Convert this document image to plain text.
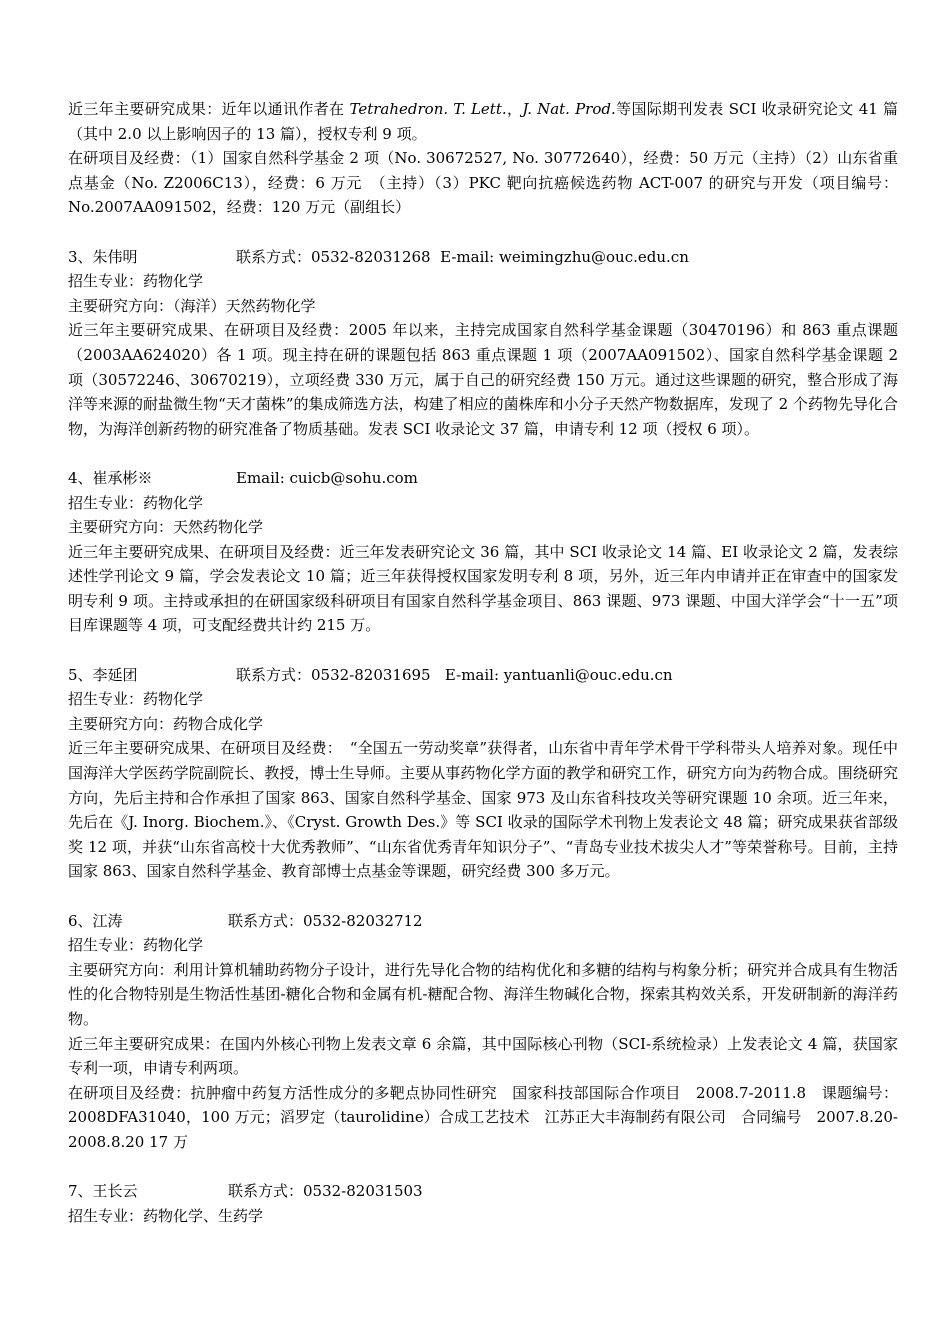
近三年主要研究成果：近年以通讯作者在 Tetrahedron. T. Lett.，J. Nat. Prod.等国际期刊发表 SCI 收录研究论文 41 篇（其中 2.0 以上影响因子的 13 篇），授权专利 9 项。

在研项目及经费：（1）国家自然科学基金 2 项（No. 30672527, No. 30772640），经费：50 万元（主持）（2）山东省重点基金（No. Z2006C13），经费：6 万元　（主持）（3）PKC 靶向抗癌候选药物 ACT-007 的研究与开发（项目编号：No.2007AA091502，经费：120 万元（副组长）

3、朱伟明	联系方式：0532-82031268  E-mail: weimingzhu@ouc.edu.cn

招生专业：药物化学

主要研究方向：（海洋）天然药物化学

近三年主要研究成果、在研项目及经费：2005 年以来，主持完成国家自然科学基金课题（30470196）和 863 重点课题（2003AA624020）各 1 项。现主持在研的课题包括 863 重点课题 1 项（2007AA091502）、国家自然科学基金课题 2 项（30572246、30670219），立项经费 330 万元，属于自己的研究经费 150 万元。通过这些课题的研究，整合形成了海洋等来源的耐盐微生物“天才菌株”的集成筛选方法，构建了相应的菌株库和小分子天然产物数据库，发现了 2 个药物先导化合物，为海洋创新药物的研究准备了物质基础。发表 SCI 收录论文 37 篇，申请专利 12 项（授权 6 项）。

4、崔承彬※	Email: cuicb@sohu.com

招生专业：药物化学

主要研究方向：天然药物化学

近三年主要研究成果、在研项目及经费：近三年发表研究论文 36 篇，其中 SCI 收录论文 14 篇、EI 收录论文 2 篇，发表综述性学刊论文 9 篇，学会发表论文 10 篇；近三年获得授权国家发明专利 8 项，另外，近三年内申请并正在审查中的国家发明专利 9 项。主持或承担的在研国家级科研项目有国家自然科学基金项目、863 课题、973 课题、中国大洋学会“十一五”项目库课题等 4 项，可支配经费共计约 215 万。

5、李延团	联系方式：0532-82031695   E-mail: yantuanli@ouc.edu.cn

招生专业：药物化学

主要研究方向：药物合成化学

近三年主要研究成果、在研项目及经费：　“全国五一劳动奖章”获得者，山东省中青年学术骨干学科带头人培养对象。现任中国海洋大学医药学院副院长、教授，博士生导师。主要从事药物化学方面的教学和研究工作，研究方向为药物合成。围绕研究方向，先后主持和合作承担了国家 863、国家自然科学基金、国家 973 及山东省科技攻关等研究课题 10 余项。近三年来，先后在《J. Inorg. Biochem.》、《Cryst. Growth Des.》等 SCI 收录的国际学术刊物上发表论文 48 篇；研究成果获省部级奖 12 项，并获“山东省高校十大优秀教师”、“山东省优秀青年知识分子”、“青岛专业技术拔尖人才”等荣誉称号。目前，主持国家 863、国家自然科学基金、教育部博士点基金等课题，研究经费 300 多万元。

6、江涛	联系方式：0532-82032712

招生专业：药物化学

主要研究方向：利用计算机辅助药物分子设计，进行先导化合物的结构优化和多糖的结构与构象分析；研究并合成具有生物活性的化合物特别是生物活性基团-糖化合物和金属有机-糖配合物、海洋生物碱化合物，探索其构效关系，开发研制新的海洋药物。

近三年主要研究成果：在国内外核心刊物上发表文章 6 余篇，其中国际核心刊物（SCI-系统检录）上发表论文 4 篇，获国家专利一项，申请专利两项。

在研项目及经费：抗肿瘤中药复方活性成分的多靶点协同性研究　国家科技部国际合作项目　2008.7-2011.8　课题编号：2008DFA31040，100 万元；滔罗定（taurolidine）合成工艺技术　江苏正大丰海制药有限公司　合同编号　2007.8.20-2008.8.20 17 万

7、王长云	联系方式：0532-82031503

招生专业：药物化学、生药学
